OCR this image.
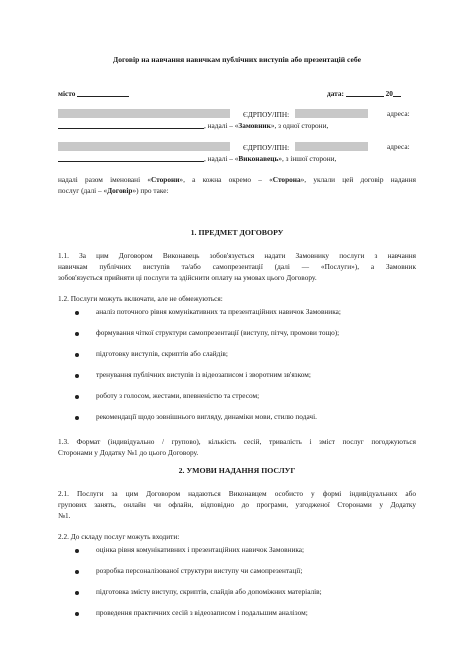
Договір на навчання навичкам публічних виступів або презентацій себе
місто	дата:	20
ЄДРПОУ/ІПН:	адреса:
, надалі – «Замовник», з одної сторони,
ЄДРПОУ/ІПН:	адреса:
, надалі – «Виконавець», з іншої сторони,
надалі разом іменовані «Сторони», а кожна окремо – «Сторона», уклали цей договір надання
послуг (далі – «Договір») про таке:
1. ПРЕДМЕТ ДОГОВОРУ
1.1. За цим Договором Виконавець зобов'язується надати Замовнику послуги з навчання
навичкам публічних виступів та/або самопрезентації (далі — «Послуги»), а Замовник
зобов'язується прийняти ці послуги та здійснити оплату на умовах цього Договору.
1.2. Послуги можуть включати, але не обмежуються:
аналіз поточного рівня комунікативних та презентаційних навичок Замовника;
формування чіткої структури самопрезентації (виступу, пітчу, промови тощо);
підготовку виступів, скриптів або слайдів;
тренування публічних виступів із відеозаписом і зворотним зв'язком;
роботу з голосом, жестами, впевненістю та стресом;
рекомендації щодо зовнішнього вигляду, динаміки мови, стилю подачі.
1.3. Формат (індивідуально / групово), кількість сесій, тривалість і зміст послуг погоджуються
Сторонами у Додатку №1 до цього Договору.
2. УМОВИ НАДАННЯ ПОСЛУГ
2.1. Послуги за цим Договором надаються Виконавцем особисто у формі індивідуальних або
групових занять, онлайн чи офлайн, відповідно до програми, узгодженої Сторонами у Додатку
№1.
2.2. До складу послуг можуть входити:
оцінка рівня комунікативних і презентаційних навичок Замовника;
розробка персоналізованої структури виступу чи самопрезентації;
підготовка змісту виступу, скриптів, слайдів або допоміжних матеріалів;
проведення практичних сесій з відеозаписом і подальшим аналізом;
